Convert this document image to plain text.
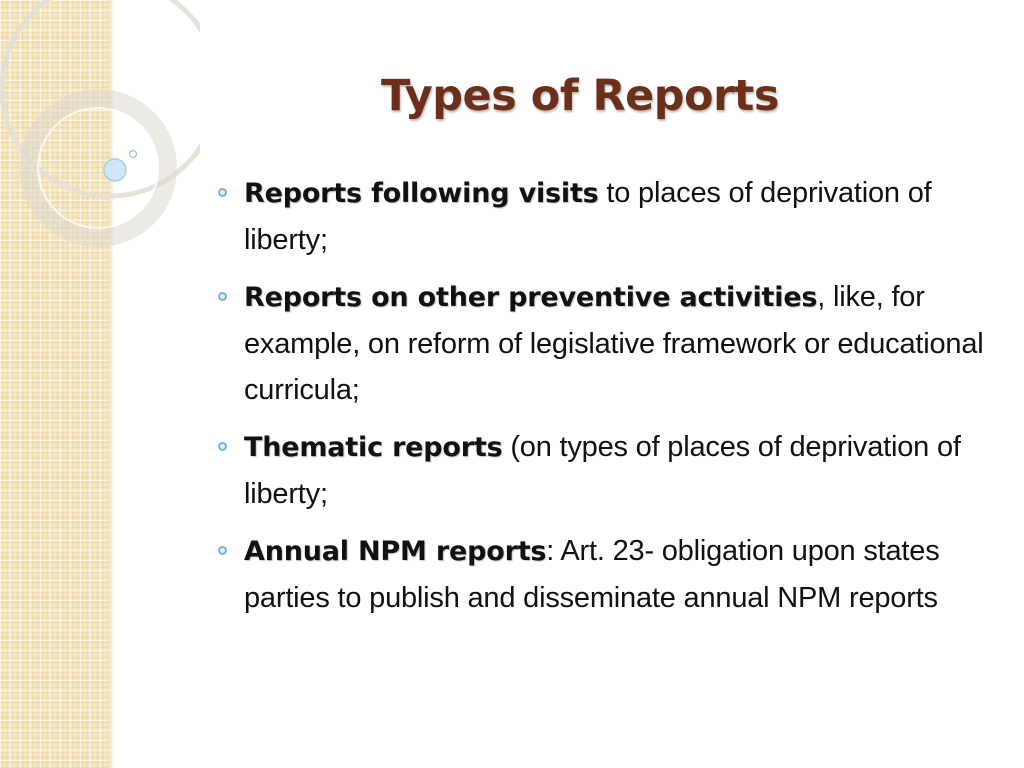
Types of Reports
Reports following visits to places of deprivation of liberty;
Reports on other preventive activities, like, for example, on reform of legislative framework or educational curricula;
Thematic reports (on types of places of deprivation of liberty;
Annual NPM reports: Art. 23- obligation upon states parties to publish and disseminate annual NPM reports
